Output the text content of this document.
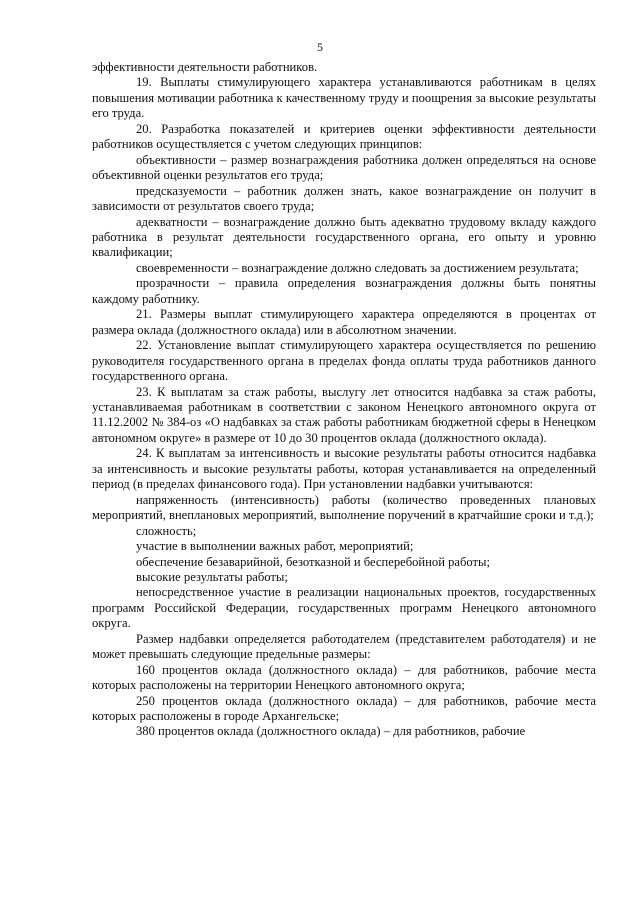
5

эффективности деятельности работников.

19. Выплаты стимулирующего характера устанавливаются работникам в целях повышения мотивации работника к качественному труду и поощрения за высокие результаты его труда.

20. Разработка показателей и критериев оценки эффективности деятельности работников осуществляется с учетом следующих принципов:

объективности – размер вознаграждения работника должен определяться на основе объективной оценки результатов его труда;

предсказуемости – работник должен знать, какое вознаграждение он получит в зависимости от результатов своего труда;

адекватности – вознаграждение должно быть адекватно трудовому вкладу каждого работника в результат деятельности государственного органа, его опыту и уровню квалификации;

своевременности – вознаграждение должно следовать за достижением результата;

прозрачности – правила определения вознаграждения должны быть понятны каждому работнику.

21. Размеры выплат стимулирующего характера определяются в процентах от размера оклада (должностного оклада) или в абсолютном значении.

22. Установление выплат стимулирующего характера осуществляется по решению руководителя государственного органа в пределах фонда оплаты труда работников данного государственного органа.

23. К выплатам за стаж работы, выслугу лет относится надбавка за стаж работы, устанавливаемая работникам в соответствии с законом Ненецкого автономного округа от 11.12.2002 № 384-оз «О надбавках за стаж работы работникам бюджетной сферы в Ненецком автономном округе» в размере от 10 до 30 процентов оклада (должностного оклада).

24. К выплатам за интенсивность и высокие результаты работы относится надбавка за интенсивность и высокие результаты работы, которая устанавливается на определенный период (в пределах финансового года). При установлении надбавки учитываются:

напряженность (интенсивность) работы (количество проведенных плановых мероприятий, внеплановых мероприятий, выполнение поручений в кратчайшие сроки и т.д.);

сложность;

участие в выполнении важных работ, мероприятий;

обеспечение безаварийной, безотказной и бесперебойной работы;

высокие результаты работы;

непосредственное участие в реализации национальных проектов, государственных программ Российской Федерации, государственных программ Ненецкого автономного округа.

Размер надбавки определяется работодателем (представителем работодателя) и не может превышать следующие предельные размеры:

160 процентов оклада (должностного оклада) – для работников, рабочие места которых расположены на территории Ненецкого автономного округа;

250 процентов оклада (должностного оклада) – для работников, рабочие места которых расположены в городе Архангельске;

380 процентов оклада (должностного оклада) – для работников, рабочие
